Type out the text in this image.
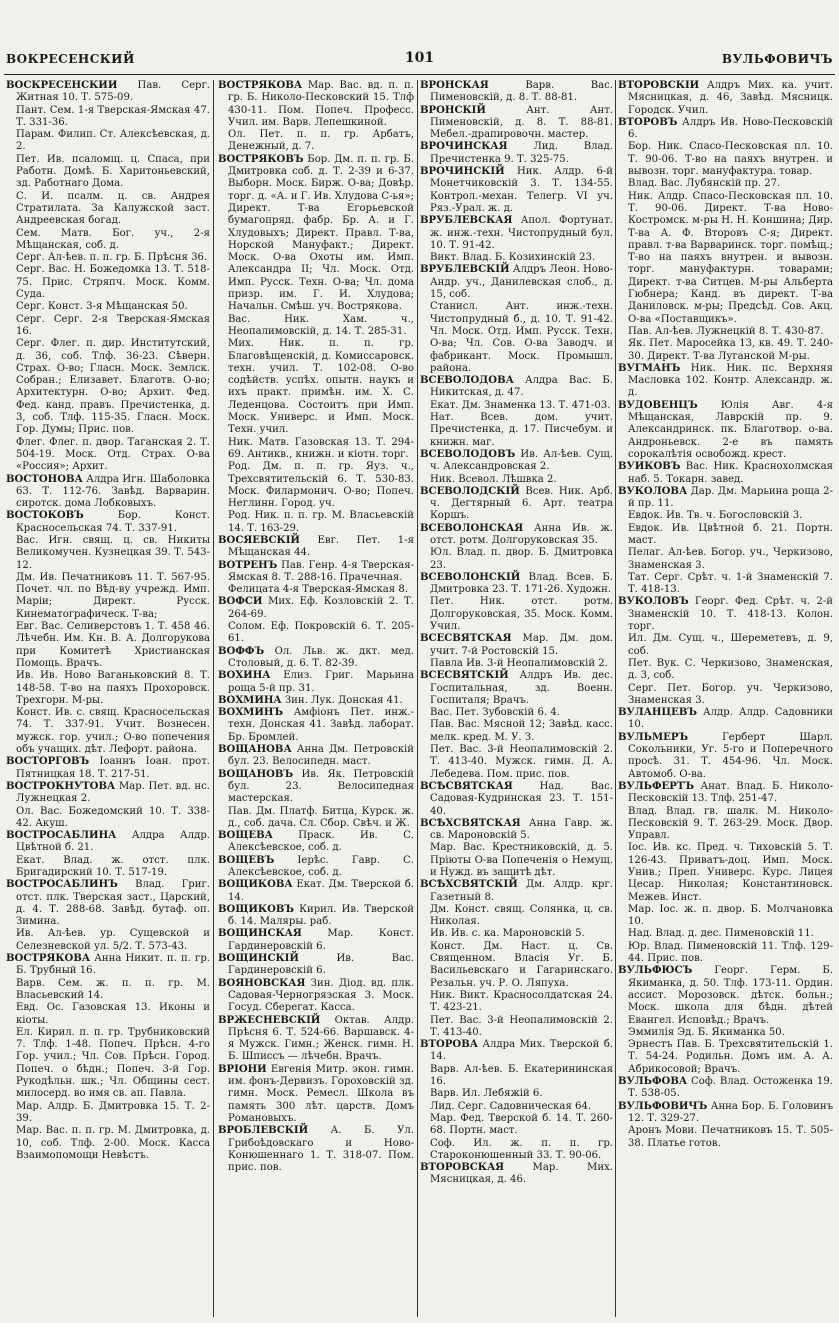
ВОКРЕСЕНСКИЙ	101	ВУЛЬФОВИЧЪ

ВОСКРЕСЕНСКИЙ Пав. Серг. Житная 10. Т. 575-09.

Пант. Сем. 1-я Тверская-Ямская 47. Т. 331-36.

Парам. Филип. Ст. Алексѣевская, д. 2.

Пет. Ив. псаломщ. ц. Спаса, при Работн. Домѣ. Б. Харитоньевский, зд. Работнаго Дома.

С. И. псалм. ц. св. Андрея Стратилата. За Калужской заст. Андреевская богад.

Сем. Матв. Бог. уч., 2-я Мѣщанская, соб. д.

Серг. Ал-ѣев. п. п. гр. Б. Прѣсня 36.

Серг. Вас. Н. Божедомка 13. Т. 518-75. Прис. Стряпч. Моск. Комм. Суда.

Серг. Конст. 3-я Мѣщанская 50.

Серг. Серг. 2-я Тверская-Ямская 16.

Серг. Флег. п. дир. Институтский, д. 36, соб. Тлф. 36-23. Сѣверн. Страх. О-во; Гласн. Моск. Землск. Собран.; Елизавет. Благотв. О-во; Архитектурн. О-во; Архит. Фед. Фед. канд. правъ. Пречистенка, д. 3, соб. Тлф. 115-35. Гласн. Моск. Гор. Думы; Прис. пов.

Флег. Флег. п. двор. Таганская 2. Т. 504-19. Моск. Отд. Страх. О-ва «Россия»; Архит.

ВОСТОНОВА Алдра Игн. Шаболовка 63. Т. 112-76. Завѣд. Варварин. сиротск. дома Лобковыхъ.

ВОСТОКОВЪ	Бор. Конст. Красносельская 74. Т. 337-91.

Вас. Игн. свящ. ц. св. Никиты Великомучен. Кузнецкая 39. Т. 543-12.

Дм. Ив. Печатниковъ 11. Т. 567-95. Почет. чл. по Вѣд-ву учрежд. Имп. Марiи; Директ. Русск. Кинематографическ. Т-ва;

Евг. Вас. Селиверстовъ 1. Т. 458 46. Лѣчебн. Им. Кн. В. А. Долгорукова при Комитетѣ Христианская Помощь. Врачъ.

Ив. Ив. Ново Ваганьковский 8. Т. 148-58. Т-во на паяхъ Прохоровск. Трехгорн. М-ры.

Конст. Ив. с. свящ. Красносельская 74. Т. 337-91. Учит. Вознесен. мужск. гор. учил.; О-во попечения объ учащих. дѣт. Лефорт. района.

ВОСТОРГОВЪ Іоаннъ Іоан. прот. Пятницкая 18. Т. 217-51.

ВОСТРОКНУТОВА Мар. Пет. вд. нс. Лужнецкая 2.

Ол. Вас. Божедомский 10. Т. 338-42. Акуш.

ВОСТРОСАБЛИНА Алдра Алдр. Цвѣтной б. 21.

Екат. Влад. ж. отст. плк. Бригадирский 10. Т. 517-19.

ВОСТРОСАБЛИНЪ Влад. Григ. отст. плк. Тверская заст., Царский, д. 4. Т. 288-68. Завѣд. бутаф. оп. Зимина.

Ив. Ал-ѣев. ур. Сущевской и Селезневской ул. 5/2. Т. 573-43.

ВОСТРЯКОВА Анна Никит. п. п. гр. Б. Трубный 16.

Варв. Сем. ж. п. п. гр. М. Власьевский 14.

Евд. Ос. Газовская 13. Иконы и кіоты.

Ел. Кирил. п. п. гр. Трубниковский 7. Тлф. 1-48. Попеч. Прѣсн. 4-го Гор. учил.; Чл. Сов. Прѣсн. Город. Попеч. о бѣдн.; Попеч. 3-й Гор. Рукодѣльн. шк.; Чл. Общины сест. милосерд. во имя св. ап. Павла.

Мар. Алдр. Б. Дмитровка 15. Т. 2-39.

Мар. Вас. п. п. гр. М. Дмитровка, д. 10, соб. Тлф. 2-00. Моск. Касса Взаимопомощи Невѣстъ.

ВОСТРЯКОВА Мар. Вас. вд. п. п. гр. Б. Николо-Песковский 15. Тлф 430-11. Пом. Попеч. Професс. Учил. им. Варв. Лепешкиной.

Ол. Пет. п. п. гр. Арбатъ, Денежный, д. 7.

ВОСТРЯКОВЪ Бор. Дм. п. п. гр. Б. Дмитровка соб. д. Т. 2-39 и 6-37. Выборн. Моск. Бирж. О-ва; Довѣр. торг. д. «А. и Г. Ив. Хлудова С-ья»; Директ. Т-ва Егорьевской бумагопряд. фабр. Бр. А. и Г. Хлудовыхъ; Директ. Правл. Т-ва, Норской Мануфакт.; Директ. Моск. О-ва Охоты им. Имп. Александра II; Чл. Моск. Отд. Имп. Русск. Техн. О-ва; Чл. дома призр. им. Г. И. Хлудова; Начальн. Смѣш. уч. Вострякова.

Вас. Ник. Хам. ч., Неопалимовскій, д. 14. Т. 285-31.

Мих. Ник. п. п. гр. Благовѣщенскій, д. Комиссаровск. техн. учил. Т. 102-08. О-во содѣйств. успѣх. опытн. наукъ и ихъ практ. примѣн. им. Х. С. Леденцова. Состоитъ при Имп. Моск. Универс. и Имп. Моск. Техн. учил.

Ник. Матв. Газовская 13. Т. 294-69. Антикв., книжн. и кіотн. торг.

Род. Дм. п. п. гр. Яуз. ч., Трехсвятительскій 6. Т. 530-83. Моск. Филармонич. О-во; Попеч. Неглинн. Город. уч.

Род. Ник. п. п. гр. М. Власьевскій 14. Т. 163-29.

ВОСЯЕВСКІЙ Евг. Пет. 1-я Мѣщанская 44.

ВОТРЕНЪ Пав. Генр. 4-я Тверская-Ямская 8. Т. 288-16. Прачечная.

Фелицата 4-я Тверская-Ямская 8.

ВОФСИ Мих. Еф. Козловскій 2. Т. 264-69.

Солом. Еф. Покровскій 6. Т. 205-61.

ВОФФЪ Ол. Льв. ж. дкт. мед. Столовый, д. 6. Т. 82-39.

ВОХИНА Елиз. Григ. Марьина роща 5-й пр. 31.

ВОХМИНА Зин. Лук. Донская 41.

ВОХМИНЪ Амфіонъ Пет. инж.-техн. Донская 41. Завѣд. лаборат. Бр. Бромлей.

ВОЩАНОВА Анна Дм. Петровскій бул. 23. Велосипедн. маст.

ВОЩАНОВЪ Ив. Як. Петровскій бул. 23. Велосипедная мастерская.

Пав. Дм. Платф. Битца, Курск. ж. д., соб. дача. Сл. Сбор. Свѣч. и Ж.

ВОЩЕВА	Праск. Ив. С. Алексѣевское, соб. д.

ВОЩЕВЪ Іерѣс. Гавр. С. Алексѣевское, соб. д.

ВОЩИКОВА Екат. Дм. Тверской б. 14.

ВОЩИКОВЪ Кирил. Ив. Тверской б. 14. Маляры. раб.

ВОЩИНСКАЯ	Мар. Конст. Гардинеровскій 6.

ВОЩИНСКІЙ	Ив. Вас. Гардинеровскій 6.

ВОЯНОВСКАЯ Зин. Діод. вд. плк. Садовая-Черногрязская 3. Моск. Госуд. Сберегат. Касса.

ВРЖЕСНЕВСКІЙ Октав. Алдр. Прѣсня 6. Т. 524-66. Варшавск. 4-я Мужск. Гимн.; Женск. гимн. Н. Б. Шписсъ — лѣчебн. Врачъ.

ВРІОНИ Евгенія Митр. экон. гимн. им. фонъ-Дервизъ. Гороховскій зд. гимн. Моск. Ремесл. Школа въ память 300 лѣт. царств. Домъ Романовыхъ.

ВРОБЛЕВСКІЙ А. Б. Ул. Грибоѣдовскаго и Ново-Конюшеннаго 1. Т. 318-07. Пом. прис. пов.

ВРОНСКАЯ	Варв. Вас. Пименовскій, д. 8. Т. 88-81.

ВРОНСКІЙ	Ант. Ант. Пименовскій, д. 8. Т. 88-81. Мебел.-драпировочн. мастер.

ВРОЧИНСКАЯ	Лид. Влад. Пречистенка 9. Т. 325-75.

ВРОЧИНСКІЙ Ник. Алдр. 6-й Монетчиковскій 3. Т. 134-55. Контрол.-механ. Телегр. VI уч. Ряз.-Урал. ж. д.

ВРУБЛЕВСКАЯ Апол. Фортунат. ж. инж.-техн. Чистопрудный бул. 10. Т. 91-42.

Викт. Влад. Б. Козихинскій 23.

ВРУБЛЕВСКІЙ Алдръ Леон. Ново-Андр. уч., Данилевская слоб., д. 15, соб.

Станисл. Ант. инж.-техн. Чистопрудный б., д. 10. Т. 91-42. Чл. Моск. Отд. Имп. Русск. Техн. О-ва; Чл. Сов. О-ва Заводч. и фабрикант. Моск. Промышл. района.

ВСЕВОЛОДОВА Алдра Вас. Б. Никитская, д. 47.

Екат. Дм. Знаменка 13. Т. 471-03.

Нат. Всев. дом. учит. Пречистенка, д. 17. Писчебум. и книжн. маг.

ВСЕВОЛОДОВЪ Ив. Ал-ѣев. Сущ. ч. Александровская 2.

Ник. Всевол. Лѣшвка 2.

ВСЕВОЛОДСКІЙ Всев. Ник. Арб. ч. Дегтярный 6. Арт. театра Коршъ.

ВСЕВОЛОНСКАЯ Анна Ив. ж. отст. ротм. Долгоруковская 35.

Юл. Влад. п. двор. Б. Дмитровка 23.

ВСЕВОЛОНСКІЙ Влад. Всев. Б. Дмитровка 23. Т. 171-26. Художн.

Пет. Ник. отст. ротм. Долгоруковская, 35. Моск. Комм. Учил.

ВСЕСВЯТСКАЯ Мар. Дм. дом. учит. 7-й Ростовскій 15.

Павла Ив. 3-й Неопалимовскій 2.

ВСЕСВЯТСКІЙ Алдръ Ив. дес. Госпитальная, зд. Военн. Госпиталя; Врачъ.

Вас. Пет. Зубовскій 6. 4.

Пав. Вас. Мясной 12; Завѣд. касс. мелк. кред. М. У. З.

Пет. Вас. 3-й Неопалимовскій 2. Т. 413-40. Мужск. гимн. Д. А. Лебедева. Пом. прис. пов.

ВСѢСВЯТСКАЯ	Над. Вас. Садовая-Кудринская 23. Т. 151-40.

ВСѢХСВЯТСКАЯ Анна Гавр. ж. св. Мароновскій 5.

Мар. Вас. Крестниковскій, д. 5. Пріюты О-ва Попеченія о Немущ. и Нужд. въ защитѣ дѣт.

ВСѢХСВЯТСКІЙ Дм. Алдр. крг. Газетный 8.

Дм. Конст. свящ. Солянка, ц. св. Николая.

Ив. Ив. с. ка. Мароновскій 5.

Конст. Дм. Наст. ц. Св. Священном. Власія Уг. Б. Васильевскаго и Гагаринскаго. Резальн. уч. Р. О. Ляпуха.

Ник. Викт. Красносолдатская 24. Т. 423-21.

Пет. Вас. 3-й Неопалимовскій 2. Т. 413-40.

ВТОРОВА Алдра Мих. Тверской б. 14.

Варв. Ал-ѣев. Б. Екатерининская 16.

Варв. Ил. Лебяжій 6.

Лид. Серг. Садовническая 64.

Мар. Фед. Тверской б. 14. Т. 260-68. Портн. маст.

Соф. Ил. ж. п. п. гр. Староконюшенный 33. Т. 90-06.

ВТОРОВСКАЯ	Мар. Мих. Мясницкая, д. 46.

ВТОРОВСКІЙ Алдръ Мих. ка. учит. Мясницкая, д. 46, Завѣд. Мясницк. Городск. Учил.

ВТОРОВЪ Алдръ Ив. Ново-Песковскій 6.

Бор. Ник. Спасо-Песковская пл. 10. Т. 90-06. Т-во на паяхъ внутрен. и вывозн. торг. мануфактура. товар.

Влад. Вас. Лубянскій пр. 27.

Ник. Алдр. Спасо-Песковская пл. 10. Т. 90-06. Директ. Т-ва Ново-Костромск. м-ры Н. Н. Коншина; Дир. Т-ва А. Ф. Второвъ С-я; Директ. правл. т-ва Варваринск. торг. помѣщ.; Т-во на паяхъ внутрен. и вывозн. торг. мануфактурн. товарами; Директ. т-ва Ситцев. М-ры Альберта Гюбнера; Канд. въ директ. Т-ва Даниловск. м-ры; Предсѣд. Сов. Акц. О-ва «Поставщикъ».

Пав. Ал-ѣев. Лужнецкій 8. Т. 430-87.

Як. Пет. Маросейка 13, кв. 49. Т. 240-30. Директ. Т-ва Луганской М-ры.

ВУГМАНЪ Ник. Ник. пс. Верхняя Масловка 102. Контр. Александр. ж. д.

ВУДОВЕНЦЪ Юлія Авг. 4-я Мѣщанская, Лаврскій пр. 9. Александринск. пк. Благотвор. о-ва. Андроньевск. 2-е въ память сорокалѣтія освобожд. крест.

ВУИКОВЪ Вас. Ник. Краснохолмская наб. 5. Токарн. завед.

ВУКОЛОВА Дар. Дм. Марьина роща 2-й пр. 11.

Евдок. Ив. Тв. ч. Богословскій 3.

Евдок. Ив. Цвѣтной б. 21. Портн. маст.

Пелаг. Ал-ѣев. Богор. уч., Черкизово, Знаменская 3.

Тат. Серг. Срѣт. ч. 1-й Знаменскій 7. Т. 418-13.

ВУКОЛОВЪ Георг. Фед. Срѣт. ч. 2-й Знаменскій 10. Т. 418-13. Колон. торг.

Ил. Дм. Сущ. ч., Шереметевъ, д. 9, соб.

Пет. Вук. С. Черкизово, Знаменская, д. 3, соб.

Серг. Пет. Богор. уч. Черкизово, Знаменская 3.

ВУЛАНЦЕВЪ Алдр. Алдр. Садовники 10.

ВУЛЬМЕРЪ	Герберт Шарл. Сокольники, Уг. 5-го и Поперечного просѣ. 31. Т. 454-96. Чл. Моск. Автомоб. О-ва.

ВУЛЬФЕРТЪ Анат. Влад. Б. Николо-Песковскій 13. Тлф. 251-47.

Влад. Влад. гв. шалк. М. Николо-Песковскій 9. Т. 263-29. Моск. Двор. Управл.

Іос. Ив. кс. Пред. ч. Тиховскій 5. Т. 126-43. Приватъ-доц. Имп. Моск. Унив.; Преп. Универс. Курс. Лицея Цесар. Николая; Константиновск. Межев. Инст.

Мар. Іос. ж. п. двор. Б. Молчановка 10.

Над. Влад. д. дес. Пименовскій 11.

Юр. Влад. Пименовскій 11. Тлф. 129-44. Прис. пов.

ВУЛЬФЮСЪ Георг. Герм. Б. Якиманка, д. 50. Тлф. 173-11. Ордин. ассист. Морозовск. дѣтск. больн.; Моск. школа для бѣдн. дѣтей Евангел. Исповѣд.; Врачъ.

Эммилія Эд. Б. Якиманка 50.

Эрнестъ Пав. Б. Трехсвятительскій 1. Т. 54-24. Родильн. Домъ им. А. А. Абрикосовой; Врачъ.

ВУЛЬФОВА Соф. Влад. Остоженка 19. Т. 538-05.

ВУЛЬФОВИЧЪ Анна Бор. Б. Головинъ 12. Т. 329-27.

Аронъ Мови. Печатниковъ 15. Т. 505-38. Платье готов.
